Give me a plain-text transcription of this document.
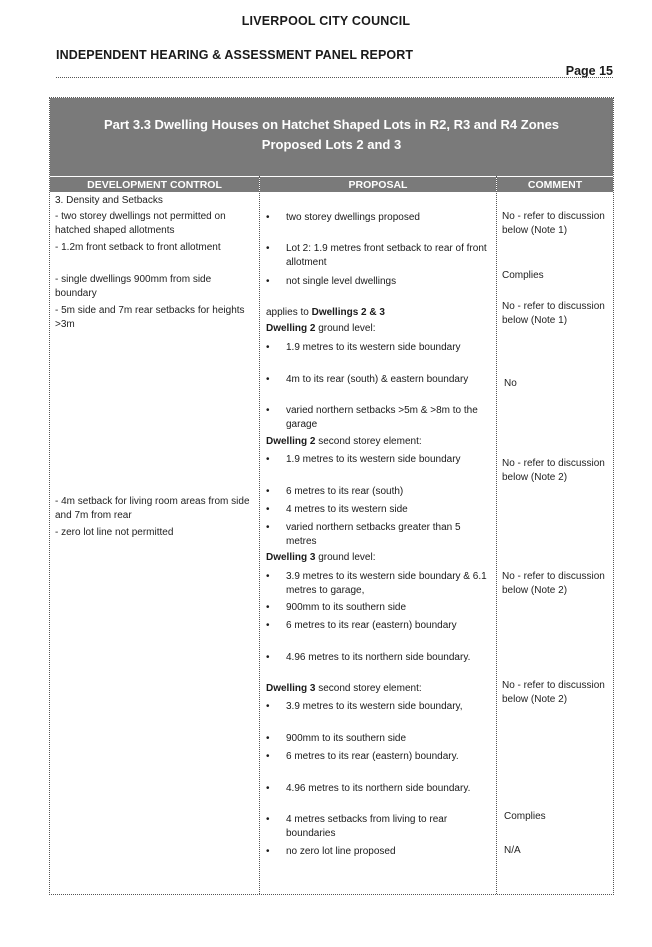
LIVERPOOL CITY COUNCIL
INDEPENDENT HEARING & ASSESSMENT PANEL REPORT
Page 15
Part 3.3 Dwelling Houses on Hatchet Shaped Lots in R2, R3 and R4 Zones
Proposed Lots 2 and 3
DEVELOPMENT CONTROL	PROPOSAL	COMMENT
3. Density and Setbacks
- two storey dwellings not permitted on hatched shaped allotments
- 1.2m front setback to front allotment
- single dwellings 900mm from side boundary
- 5m side and 7m rear setbacks for heights >3m
- 4m setback for living room areas from side and 7m from rear
- zero lot line not permitted
• two storey dwellings proposed
• Lot 2: 1.9 metres front setback to rear of front allotment
• not single level dwellings
applies to Dwellings 2 & 3
Dwelling 2 ground level:
• 1.9 metres to its western side boundary
• 4m to its rear (south) & eastern boundary
• varied northern setbacks >5m & >8m to the garage
Dwelling 2 second storey element:
• 1.9 metres to its western side boundary
• 6 metres to its rear (south)
• 4 metres to its western side
• varied northern setbacks greater than 5 metres
Dwelling 3 ground level:
• 3.9 metres to its western side boundary & 6.1 metres to garage,
• 900mm to its southern side
• 6 metres to its rear (eastern) boundary
• 4.96 metres to its northern side boundary.
Dwelling 3 second storey element:
• 3.9 metres to its western side boundary,
• 900mm to its southern side
• 6 metres to its rear (eastern) boundary.
• 4.96 metres to its northern side boundary.
• 4 metres setbacks from living to rear boundaries
• no zero lot line proposed
No - refer to discussion below (Note 1)
Complies
No - refer to discussion below (Note 1)
No
No - refer to discussion below (Note 2)
No - refer to discussion below (Note 2)
No - refer to discussion below (Note 2)
Complies
N/A
